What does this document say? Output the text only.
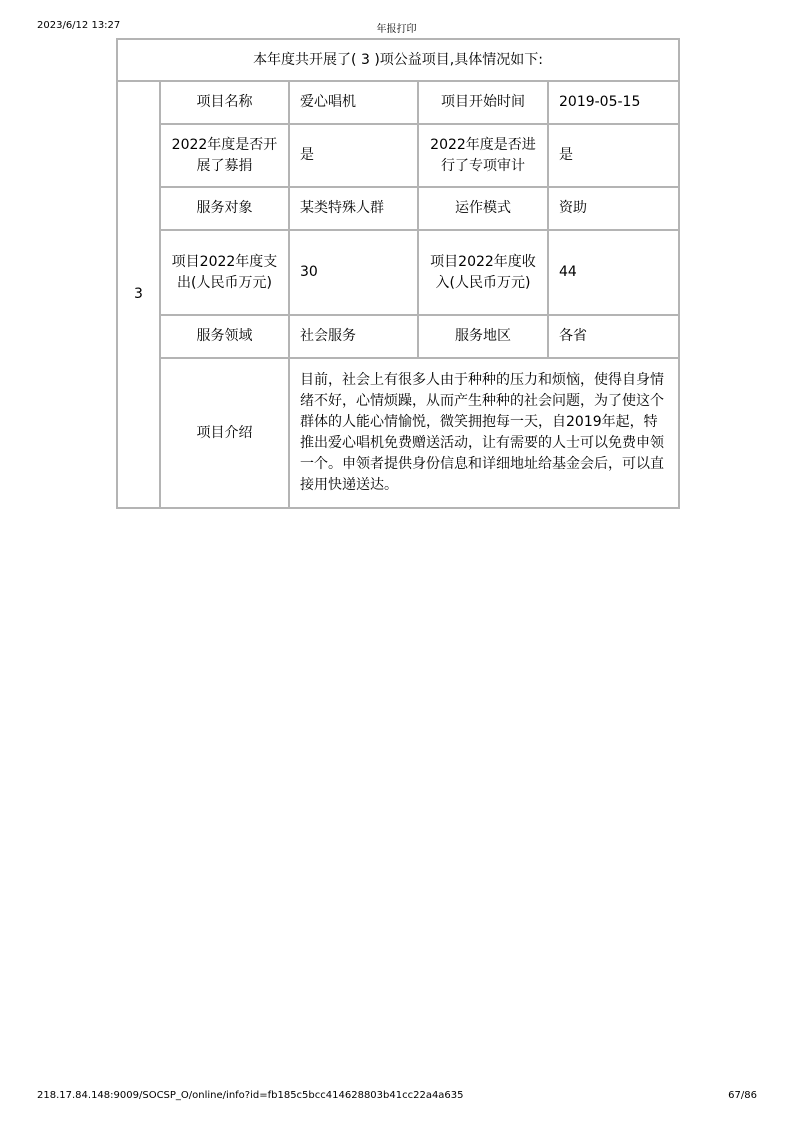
2023/6/12 13:27	年报打印
本年度共开展了( 3 )项公益项目,具体情况如下:				
3	项目名称	爱心唱机	项目开始时间	2019-05-15
	2022年度是否开展了募捐	是	2022年度是否进行了专项审计	是
	服务对象	某类特殊人群	运作模式	资助
	项目2022年度支出(人民币万元)	30	项目2022年度收入(人民币万元)	44
	服务领域	社会服务	服务地区	各省
	项目介绍	目前，社会上有很多人由于种种的压力和烦恼，使得自身情绪不好，心情烦躁，从而产生种种的社会问题，为了使这个群体的人能心情愉悦，微笑拥抱每一天，自2019年起，特推出爱心唱机免费赠送活动，让有需要的人士可以免费申领一个。申领者提供身份信息和详细地址给基金会后，可以直接用快递送达。		
218.17.84.148:9009/SOCSP_O/online/info?id=fb185c5bcc414628803b41cc22a4a635	67/86
